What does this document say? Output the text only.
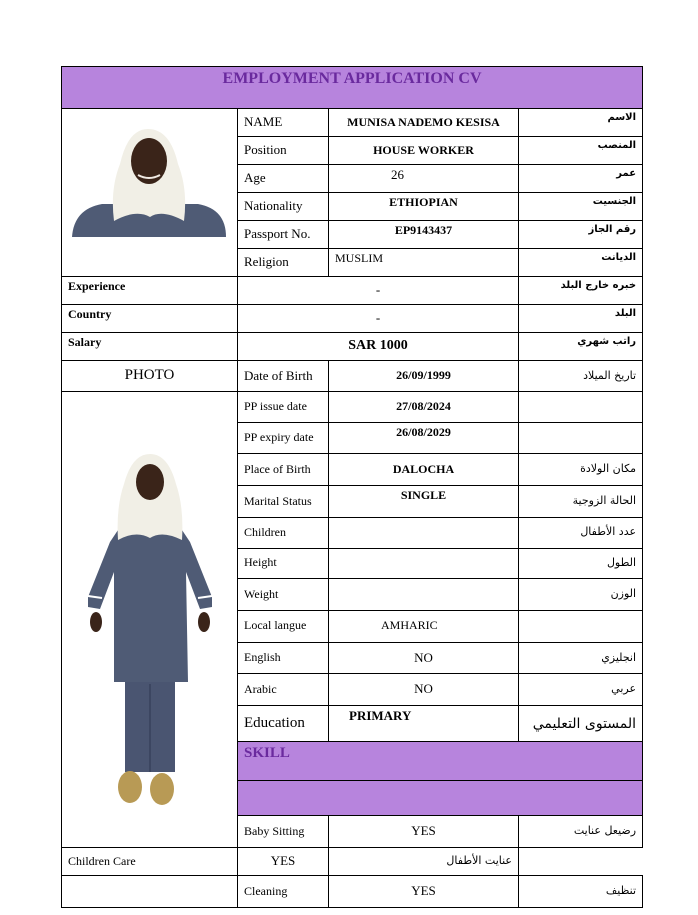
EMPLOYMENT APPLICATION CV			

	NAME	MUNISA NADEMO KESISA	الاسم
	Position	HOUSE WORKER	المنصب
	Age	26	عمر
	Nationality	ETHIOPIAN	الجنسيت
	Passport No.	EP9143437	رقم الجاز
	Religion	MUSLIM	الديانت
Experience	-		خبره خارج البلد
Country	-		البلد
Salary	SAR 1000		راتب شهري
PHOTO	Date of Birth	26/09/1999	تاريخ الميلاد

	PP issue date	27/08/2024	
	PP expiry date	26/08/2029	
	Place of Birth	DALOCHA	مكان الولادة
	Marital Status	SINGLE	الحالة الزوجية
	Children		عدد الأطفال
	Height		الطول
	Weight		الوزن
	Local langue	AMHARIC	
	English	NO	انجليزي
	Arabic	NO	عربي
	Education	PRIMARY	المستوى التعليمي
	SKILL		

	Baby Sitting	YES	رضيعل عنايت
Children Care	YES	عنايت الأطفال	
	Cleaning	YES	تنظيف
